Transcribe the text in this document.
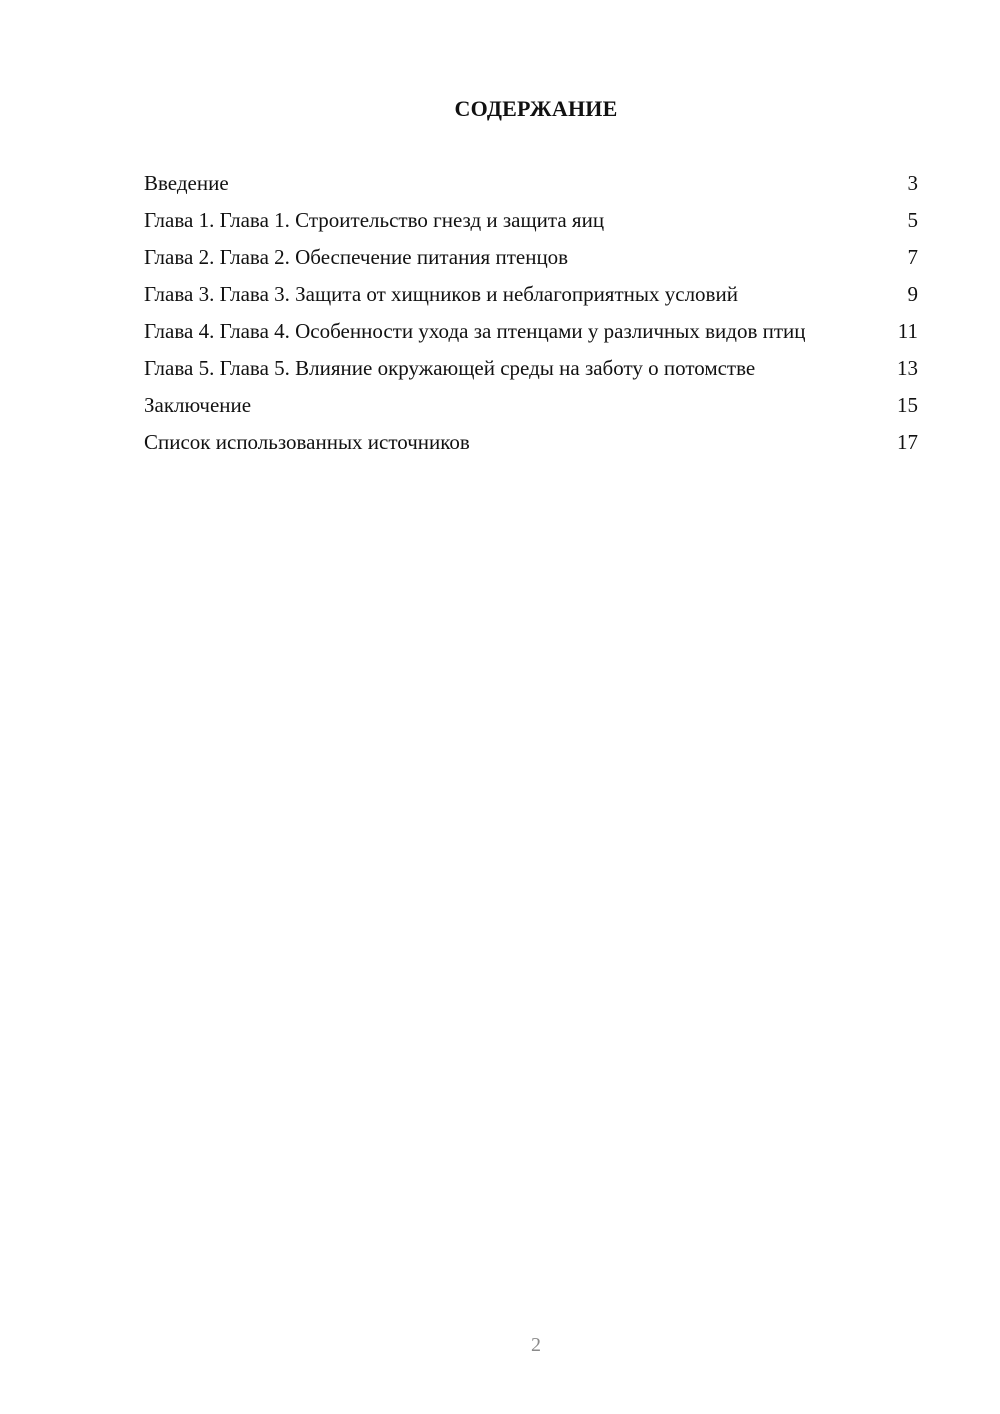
СОДЕРЖАНИЕ
Введение	3
Глава 1. Глава 1. Строительство гнезд и защита яиц	5
Глава 2. Глава 2. Обеспечение питания птенцов	7
Глава 3. Глава 3. Защита от хищников и неблагоприятных условий	9
Глава 4. Глава 4. Особенности ухода за птенцами у различных видов птиц	11
Глава 5. Глава 5. Влияние окружающей среды на заботу о потомстве	13
Заключение	15
Список использованных источников	17
2
